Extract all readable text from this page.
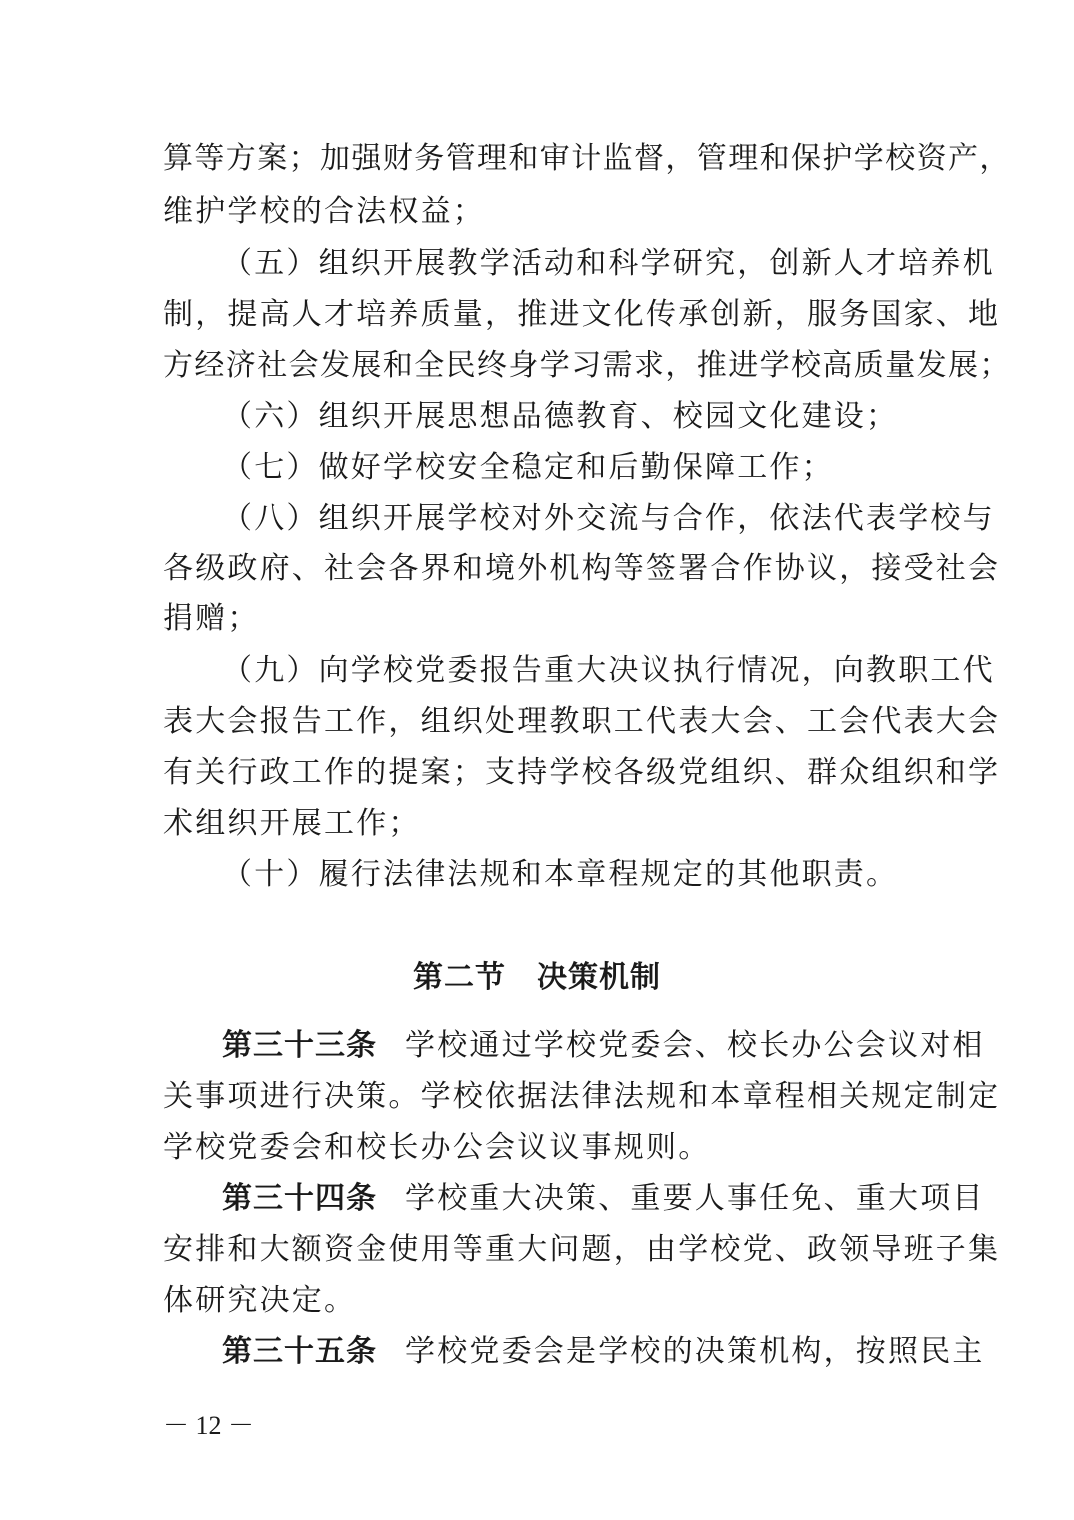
算等方案；加强财务管理和审计监督，管理和保护学校资产，
维护学校的合法权益；
（五）组织开展教学活动和科学研究，创新人才培养机
制，提高人才培养质量，推进文化传承创新，服务国家、地
方经济社会发展和全民终身学习需求，推进学校高质量发展；
（六）组织开展思想品德教育、校园文化建设；
（七）做好学校安全稳定和后勤保障工作；
（八）组织开展学校对外交流与合作，依法代表学校与
各级政府、社会各界和境外机构等签署合作协议，接受社会
捐赠；
（九）向学校党委报告重大决议执行情况，向教职工代
表大会报告工作，组织处理教职工代表大会、工会代表大会
有关行政工作的提案；支持学校各级党组织、群众组织和学
术组织开展工作；
（十）履行法律法规和本章程规定的其他职责。
第二节　决策机制
第三十三条 学校通过学校党委会、校长办公会议对相
关事项进行决策。学校依据法律法规和本章程相关规定制定
学校党委会和校长办公会议议事规则。
第三十四条 学校重大决策、重要人事任免、重大项目
安排和大额资金使用等重大问题，由学校党、政领导班子集
体研究决定。
第三十五条 学校党委会是学校的决策机构，按照民主
－ 12 －
